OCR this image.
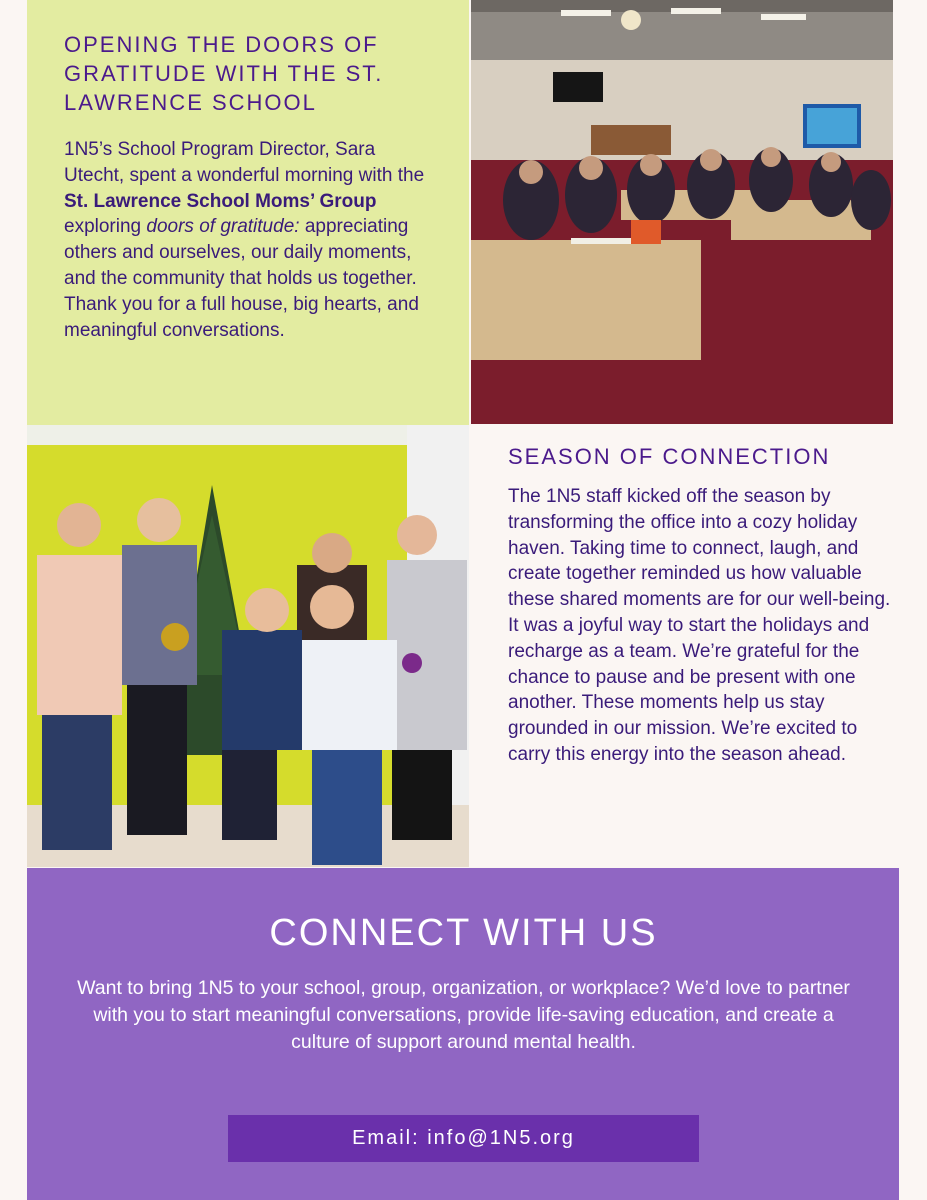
OPENING THE DOORS OF GRATITUDE WITH THE ST. LAWRENCE SCHOOL

1N5’s School Program Director, Sara Utecht, spent a wonderful morning with the St. Lawrence School Moms’ Group exploring doors of gratitude: appreciating others and ourselves, our daily moments, and the community that holds us together. Thank you for a full house, big hearts, and meaningful conversations.

SEASON OF CONNECTION

The 1N5 staff kicked off the season by transforming the office into a cozy holiday haven. Taking time to connect, laugh, and create together reminded us how valuable these shared moments are for our well-being. It was a joyful way to start the holidays and recharge as a team. We’re grateful for the chance to pause and be present with one another. These moments help us stay grounded in our mission. We’re excited to carry this energy into the season ahead.

CONNECT WITH US

Want to bring 1N5 to your school, group, organization, or workplace? We’d love to partner with you to start meaningful conversations, provide life-saving education, and create a culture of support around mental health.

Email: info@1N5.org
